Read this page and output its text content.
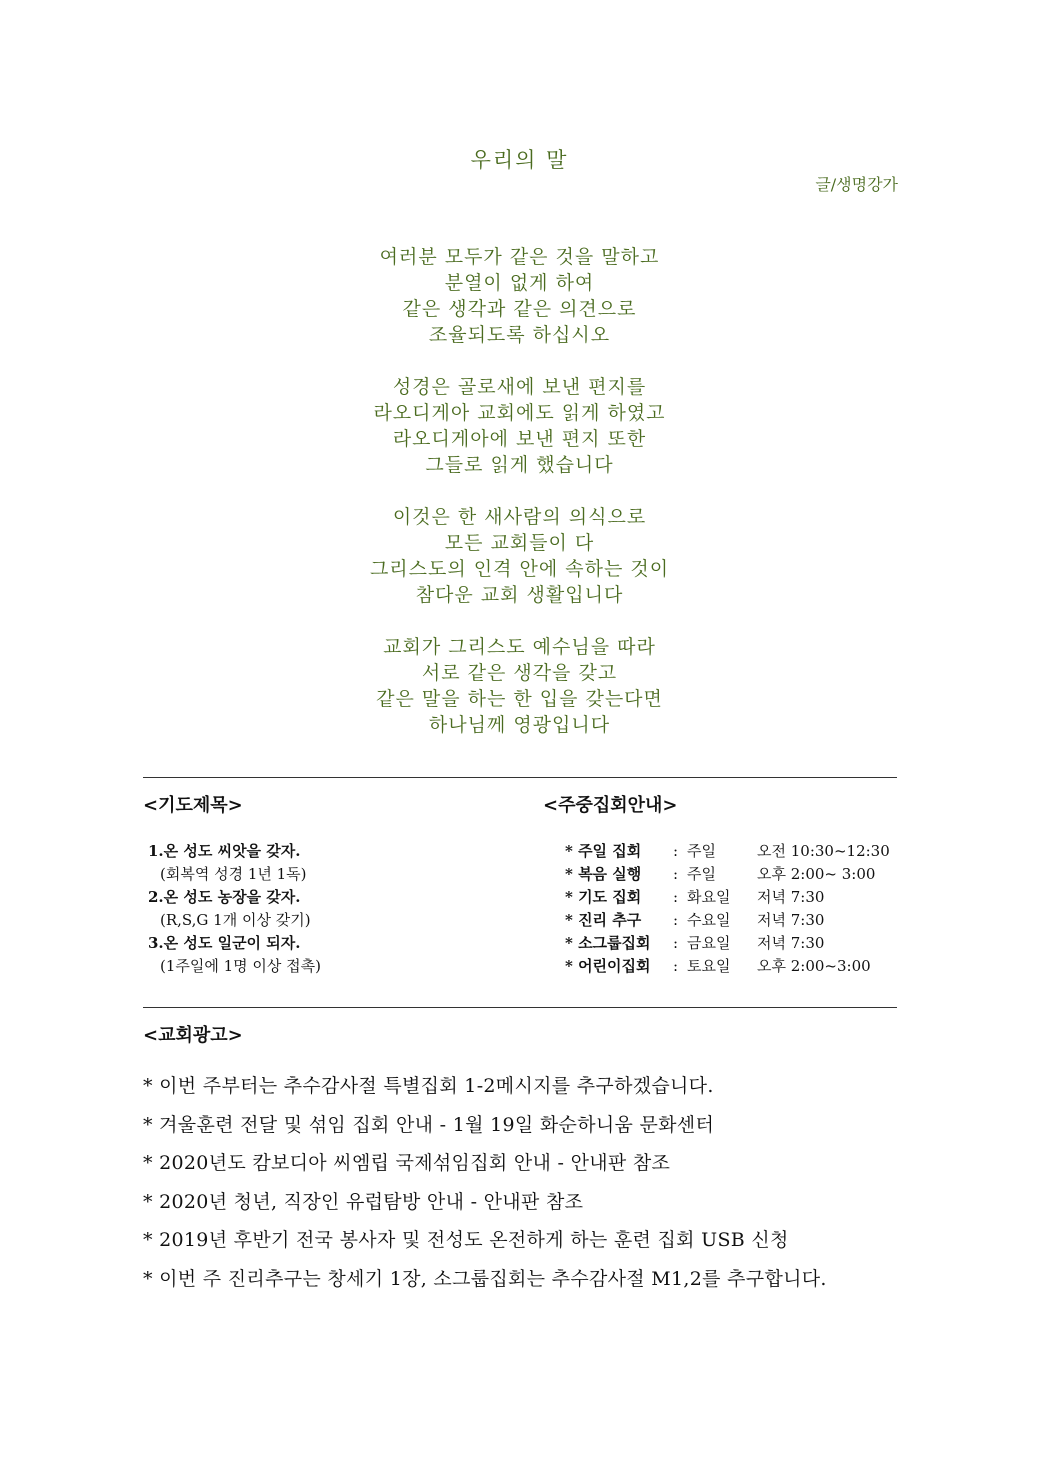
우리의 말
글/생명강가
여러분 모두가 같은 것을 말하고
분열이 없게 하여
같은 생각과 같은 의견으로
조율되도록 하십시오
성경은 골로새에 보낸 편지를
라오디게아 교회에도 읽게 하였고
라오디게아에 보낸 편지 또한
그들로 읽게 했습니다
이것은 한 새사람의 의식으로
모든 교회들이 다
그리스도의 인격 안에 속하는 것이
참다운 교회 생활입니다
교회가 그리스도 예수님을 따라
서로 같은 생각을 갖고
같은 말을 하는 한 입을 갖는다면
하나님께 영광입니다
<기도제목>	<주중집회안내>
1.온 성도 씨앗을 갖자.
(회복역 성경 1년 1독)
2.온 성도 농장을 갖자.
(R,S,G 1개 이상 갖기)
3.온 성도 일군이 되자.
(1주일에 1명 이상 접촉)
* 주일 집회	: 주일	오전 10:30~12:30
* 복음 실행	: 주일	오후 2:00~ 3:00
* 기도 집회	: 화요일	저녁 7:30
* 진리 추구	: 수요일	저녁 7:30
* 소그룹집회	: 금요일	저녁 7:30
* 어린이집회	: 토요일	오후 2:00~3:00
<교회광고>
* 이번 주부터는 추수감사절 특별집회 1-2메시지를 추구하겠습니다.
* 겨울훈련 전달 및 섞임 집회 안내 - 1월 19일 화순하니움 문화센터
* 2020년도 캄보디아 씨엠립 국제섞임집회 안내 - 안내판 참조
* 2020년 청년, 직장인 유럽탐방 안내 - 안내판 참조
* 2019년 후반기 전국 봉사자 및 전성도 온전하게 하는 훈련 집회 USB 신청
* 이번 주 진리추구는 창세기 1장, 소그룹집회는 추수감사절 M1,2를 추구합니다.
